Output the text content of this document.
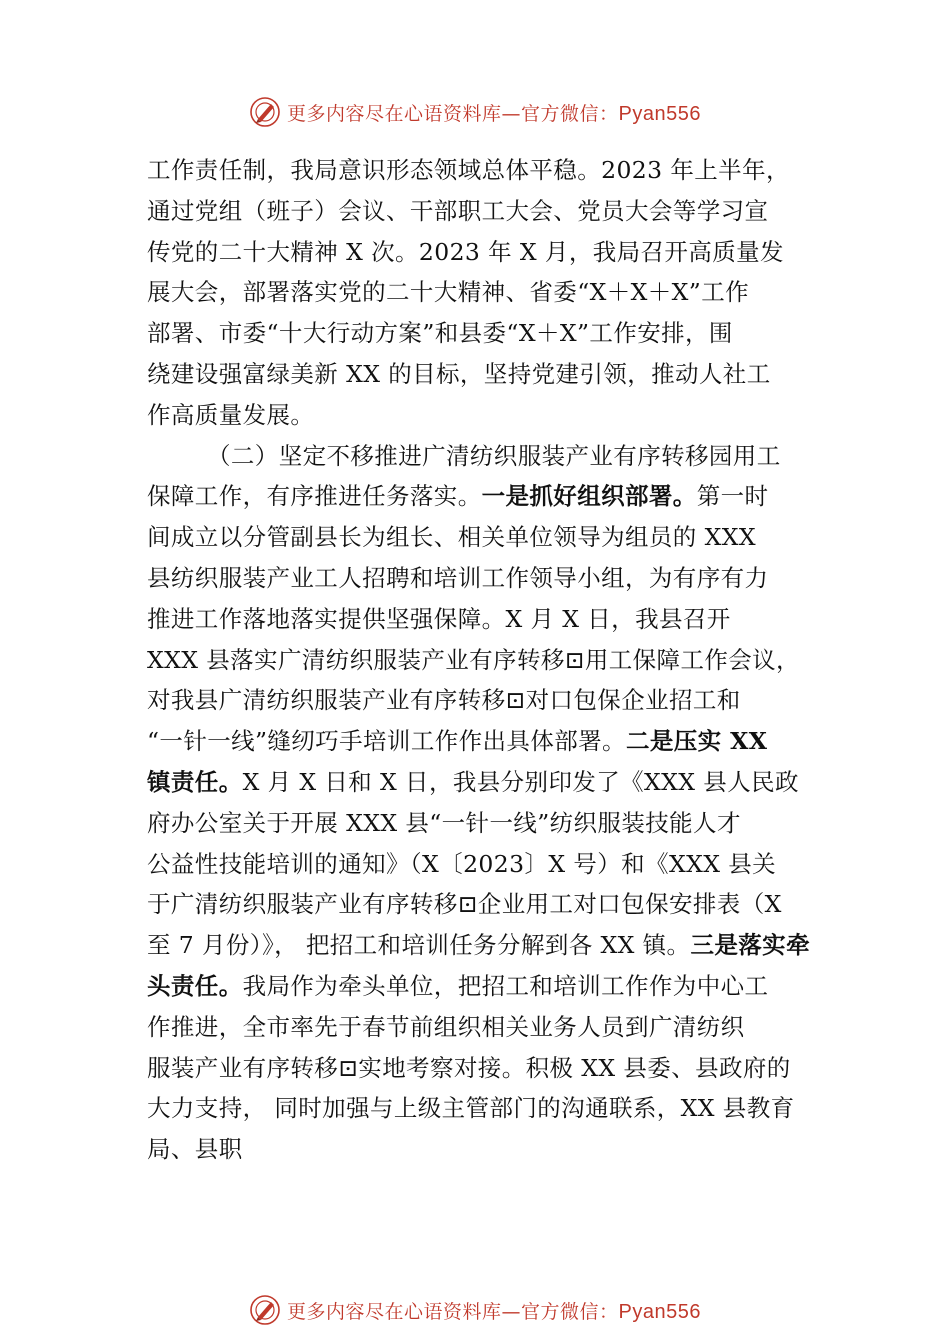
更多内容尽在心语资料库—官方微信：Pyan556
工作责任制，我局意识形态领域总体平稳。2023 年上半年，
通过党组（班子）会议、干部职工大会、党员大会等学习宣
传党的二十大精神 X 次。2023 年 X 月，我局召开高质量发
展大会，部署落实党的二十大精神、省委“X＋X＋X”工作
部署、市委“十大行动方案”和县委“X＋X”工作安排，围
绕建设强富绿美新 XX 的目标，坚持党建引领，推动人社工
作高质量发展。
（二）坚定不移推进广清纺织服装产业有序转移园用工
保障工作，有序推进任务落实。一是抓好组织部署。第一时
间成立以分管副县长为组长、相关单位领导为组员的 XXX
县纺织服装产业工人招聘和培训工作领导小组，为有序有力
推进工作落地落实提供坚强保障。X 月 X 日，我县召开
XXX 县落实广清纺织服装产业有序转移⊡用工保障工作会议，
对我县广清纺织服装产业有序转移⊡对口包保企业招工和
“一针一线”缝纫巧手培训工作作出具体部署。二是压实 XX
镇责任。X 月 X 日和 X 日，我县分别印发了《XXX 县人民政
府办公室关于开展 XXX 县“一针一线”纺织服装技能人才
公益性技能培训的通知》（X〔2023〕X 号）和《XXX 县关
于广清纺织服装产业有序转移⊡企业用工对口包保安排表（X
至 7 月份）》， 把招工和培训任务分解到各 XX 镇。三是落实牵
头责任。我局作为牵头单位，把招工和培训工作作为中心工
作推进，全市率先于春节前组织相关业务人员到广清纺织
服装产业有序转移⊡实地考察对接。积极 XX 县委、县政府的
大力支持， 同时加强与上级主管部门的沟通联系，XX 县教育
局、县职
更多内容尽在心语资料库—官方微信：Pyan556
